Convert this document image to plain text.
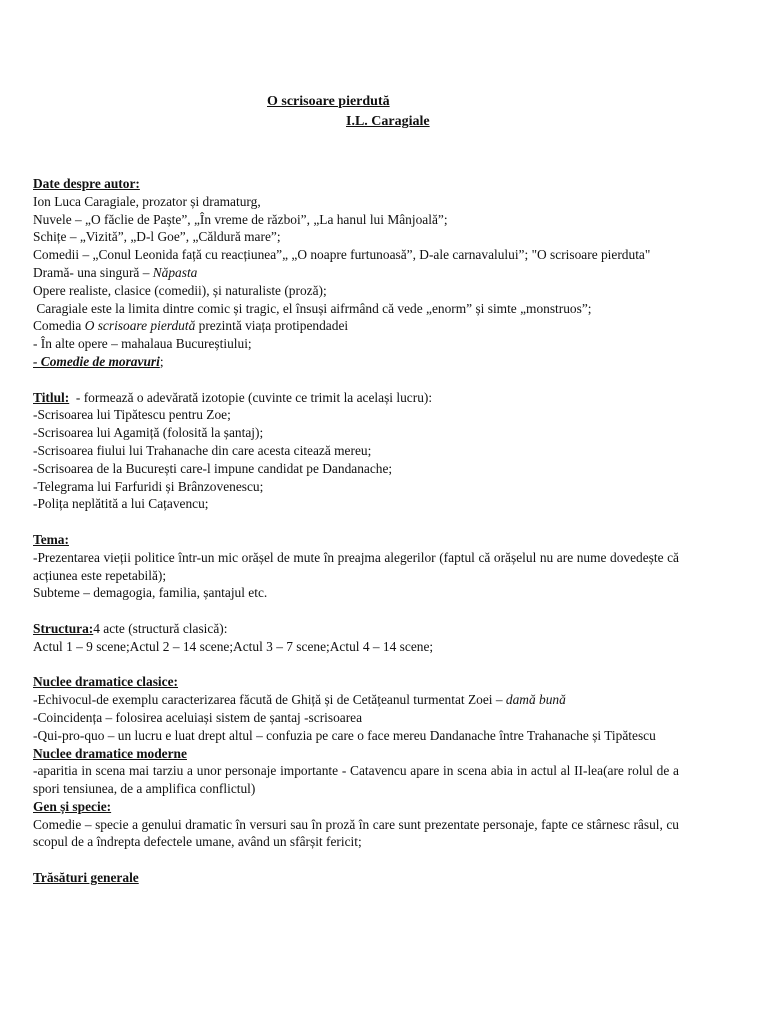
O scrisoare pierdută
I.L. Caragiale
Date despre autor:
Ion Luca Caragiale, prozator și dramaturg,
Nuvele – „O făclie de Paște”, „În vreme de război”, „La hanul lui Mânjoală”;
Schițe – „Vizită”, „D-l Goe”, „Căldură mare”;
Comedii – „Conul Leonida față cu reacțiunea”„ „O noapre furtunoasă”, D-ale carnavalului”; "O scrisoare pierduta"
Dramă- una singură – Năpasta
Opere realiste, clasice (comedii), și naturaliste (proză);
Caragiale este la limita dintre comic și tragic, el însuși aifrmând că vede „enorm” și simte „monstruos”;
Comedia O scrisoare pierdută prezintă viața protipendadei
- În alte opere – mahalaua Bucureștiului;
- Comedie de moravuri;
Titlul:  - formează o adevărată izotopie (cuvinte ce trimit la același lucru):
-Scrisoarea lui Tipătescu pentru Zoe;
-Scrisoarea lui Agamiță (folosită la șantaj);
-Scrisoarea fiului lui Trahanache din care acesta citează mereu;
-Scrisoarea de la București care-l impune candidat pe Dandanache;
-Telegrama lui Farfuridi și Brânzovenescu;
-Polița neplătită a lui Cațavencu;
Tema:
-Prezentarea vieții politice într-un mic orășel de mute în preajma alegerilor (faptul că orășelul nu are nume dovedește că acțiunea este repetabilă);
Subteme – demagogia, familia, șantajul etc.
Structura:4 acte (structură clasică):
Actul 1 – 9 scene;Actul 2 – 14 scene;Actul 3 – 7 scene;Actul 4 – 14 scene;
Nuclee dramatice clasice:
-Echivocul-de exemplu caracterizarea făcută de Ghiță și de Cetățeanul turmentat Zoei – damă bună
-Coincidența – folosirea aceluiași sistem de șantaj -scrisoarea
-Qui-pro-quo – un lucru e luat drept altul – confuzia pe care o face mereu Dandanache între Trahanache și Tipătescu
Nuclee dramatice moderne
-aparitia in scena mai tarziu a unor personaje importante - Catavencu apare in scena abia in actul al II-lea(are rolul de a spori tensiunea, de a amplifica conflictul)
Gen și specie:
Comedie – specie a genului dramatic în versuri sau în proză în care sunt prezentate personaje, fapte ce stârnesc râsul, cu scopul de a îndrepta defectele umane, având un sfârșit fericit;
Trăsături generale
